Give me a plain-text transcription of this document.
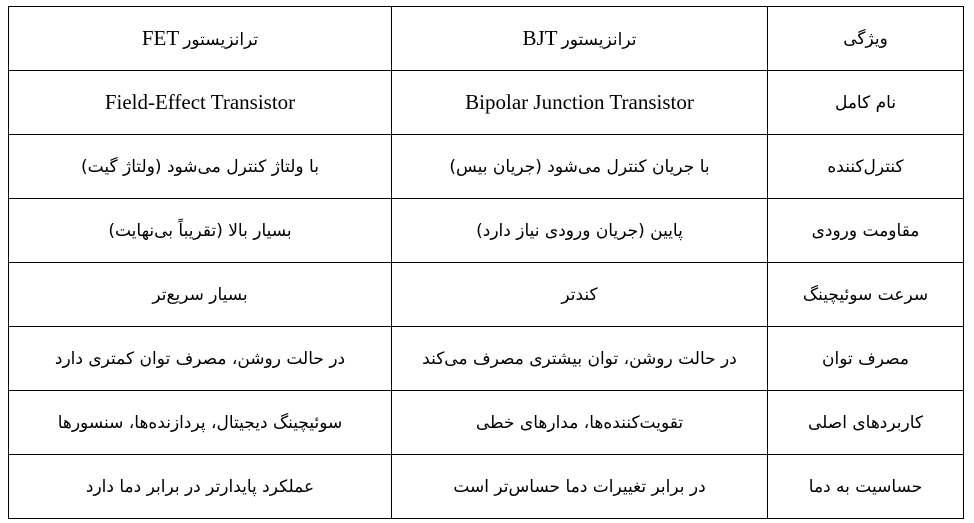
ویژگی	ترانزیستور BJT	ترانزیستور FET
نام کامل	Bipolar Junction Transistor	Field-Effect Transistor
کنترل‌کننده	با جریان کنترل می‌شود (جریان بیس)	با ولتاژ کنترل می‌شود (ولتاژ گیت)
مقاومت ورودی	پایین (جریان ورودی نیاز دارد)	بسیار بالا (تقریباً بی‌نهایت)
سرعت سوئیچینگ	کندتر	بسیار سریع‌تر
مصرف توان	در حالت روشن، توان بیشتری مصرف می‌کند	در حالت روشن، مصرف توان کمتری دارد
کاربردهای اصلی	تقویت‌کننده‌ها، مدارهای خطی	سوئیچینگ دیجیتال، پردازنده‌ها، سنسورها
حساسیت به دما	در برابر تغییرات دما حساس‌تر است	عملکرد پایدارتر در برابر دما دارد
